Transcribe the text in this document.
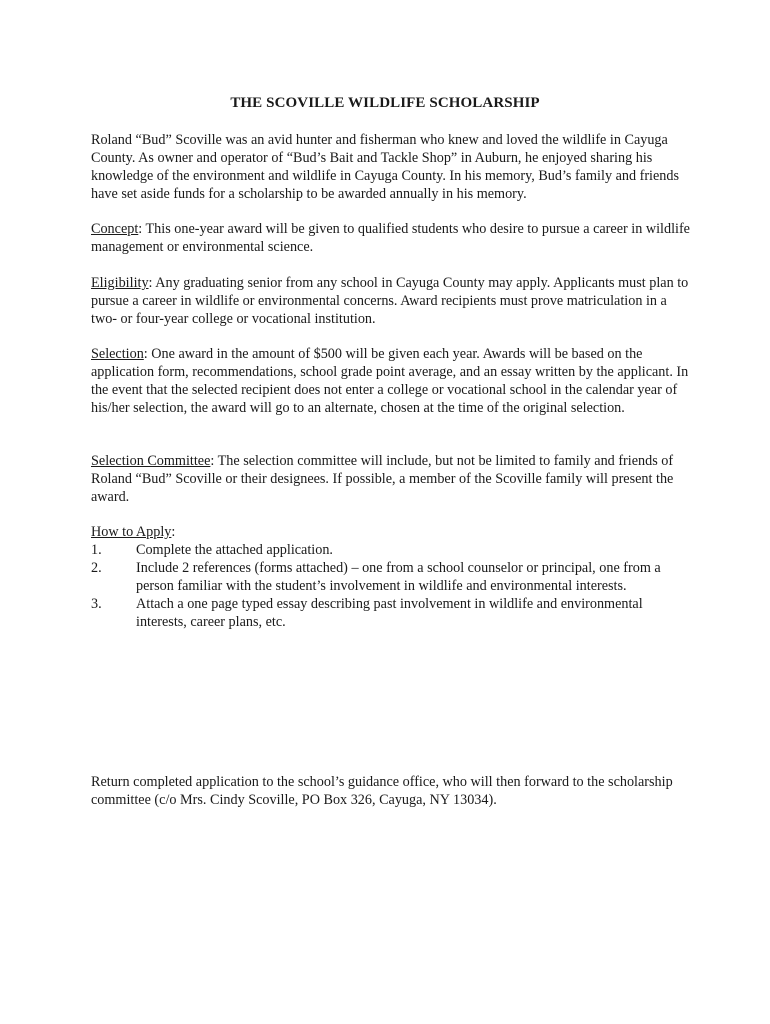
THE SCOVILLE WILDLIFE SCHOLARSHIP
Roland “Bud” Scoville was an avid hunter and fisherman who knew and loved the wildlife in Cayuga County. As owner and operator of “Bud’s Bait and Tackle Shop” in Auburn, he enjoyed sharing his knowledge of the environment and wildlife in Cayuga County. In his memory, Bud’s family and friends have set aside funds for a scholarship to be awarded annually in his memory.
Concept: This one-year award will be given to qualified students who desire to pursue a career in wildlife management or environmental science.
Eligibility: Any graduating senior from any school in Cayuga County may apply. Applicants must plan to pursue a career in wildlife or environmental concerns. Award recipients must prove matriculation in a two- or four-year college or vocational institution.
Selection: One award in the amount of $500 will be given each year. Awards will be based on the application form, recommendations, school grade point average, and an essay written by the applicant. In the event that the selected recipient does not enter a college or vocational school in the calendar year of his/her selection, the award will go to an alternate, chosen at the time of the original selection.
Selection Committee: The selection committee will include, but not be limited to family and friends of Roland “Bud” Scoville or their designees. If possible, a member of the Scoville family will present the award.
How to Apply:
1. Complete the attached application.
2. Include 2 references (forms attached) – one from a school counselor or principal, one from a person familiar with the student’s involvement in wildlife and environmental interests.
3. Attach a one page typed essay describing past involvement in wildlife and environmental interests, career plans, etc.
Return completed application to the school’s guidance office, who will then forward to the scholarship committee (c/o Mrs. Cindy Scoville, PO Box 326, Cayuga, NY 13034).
